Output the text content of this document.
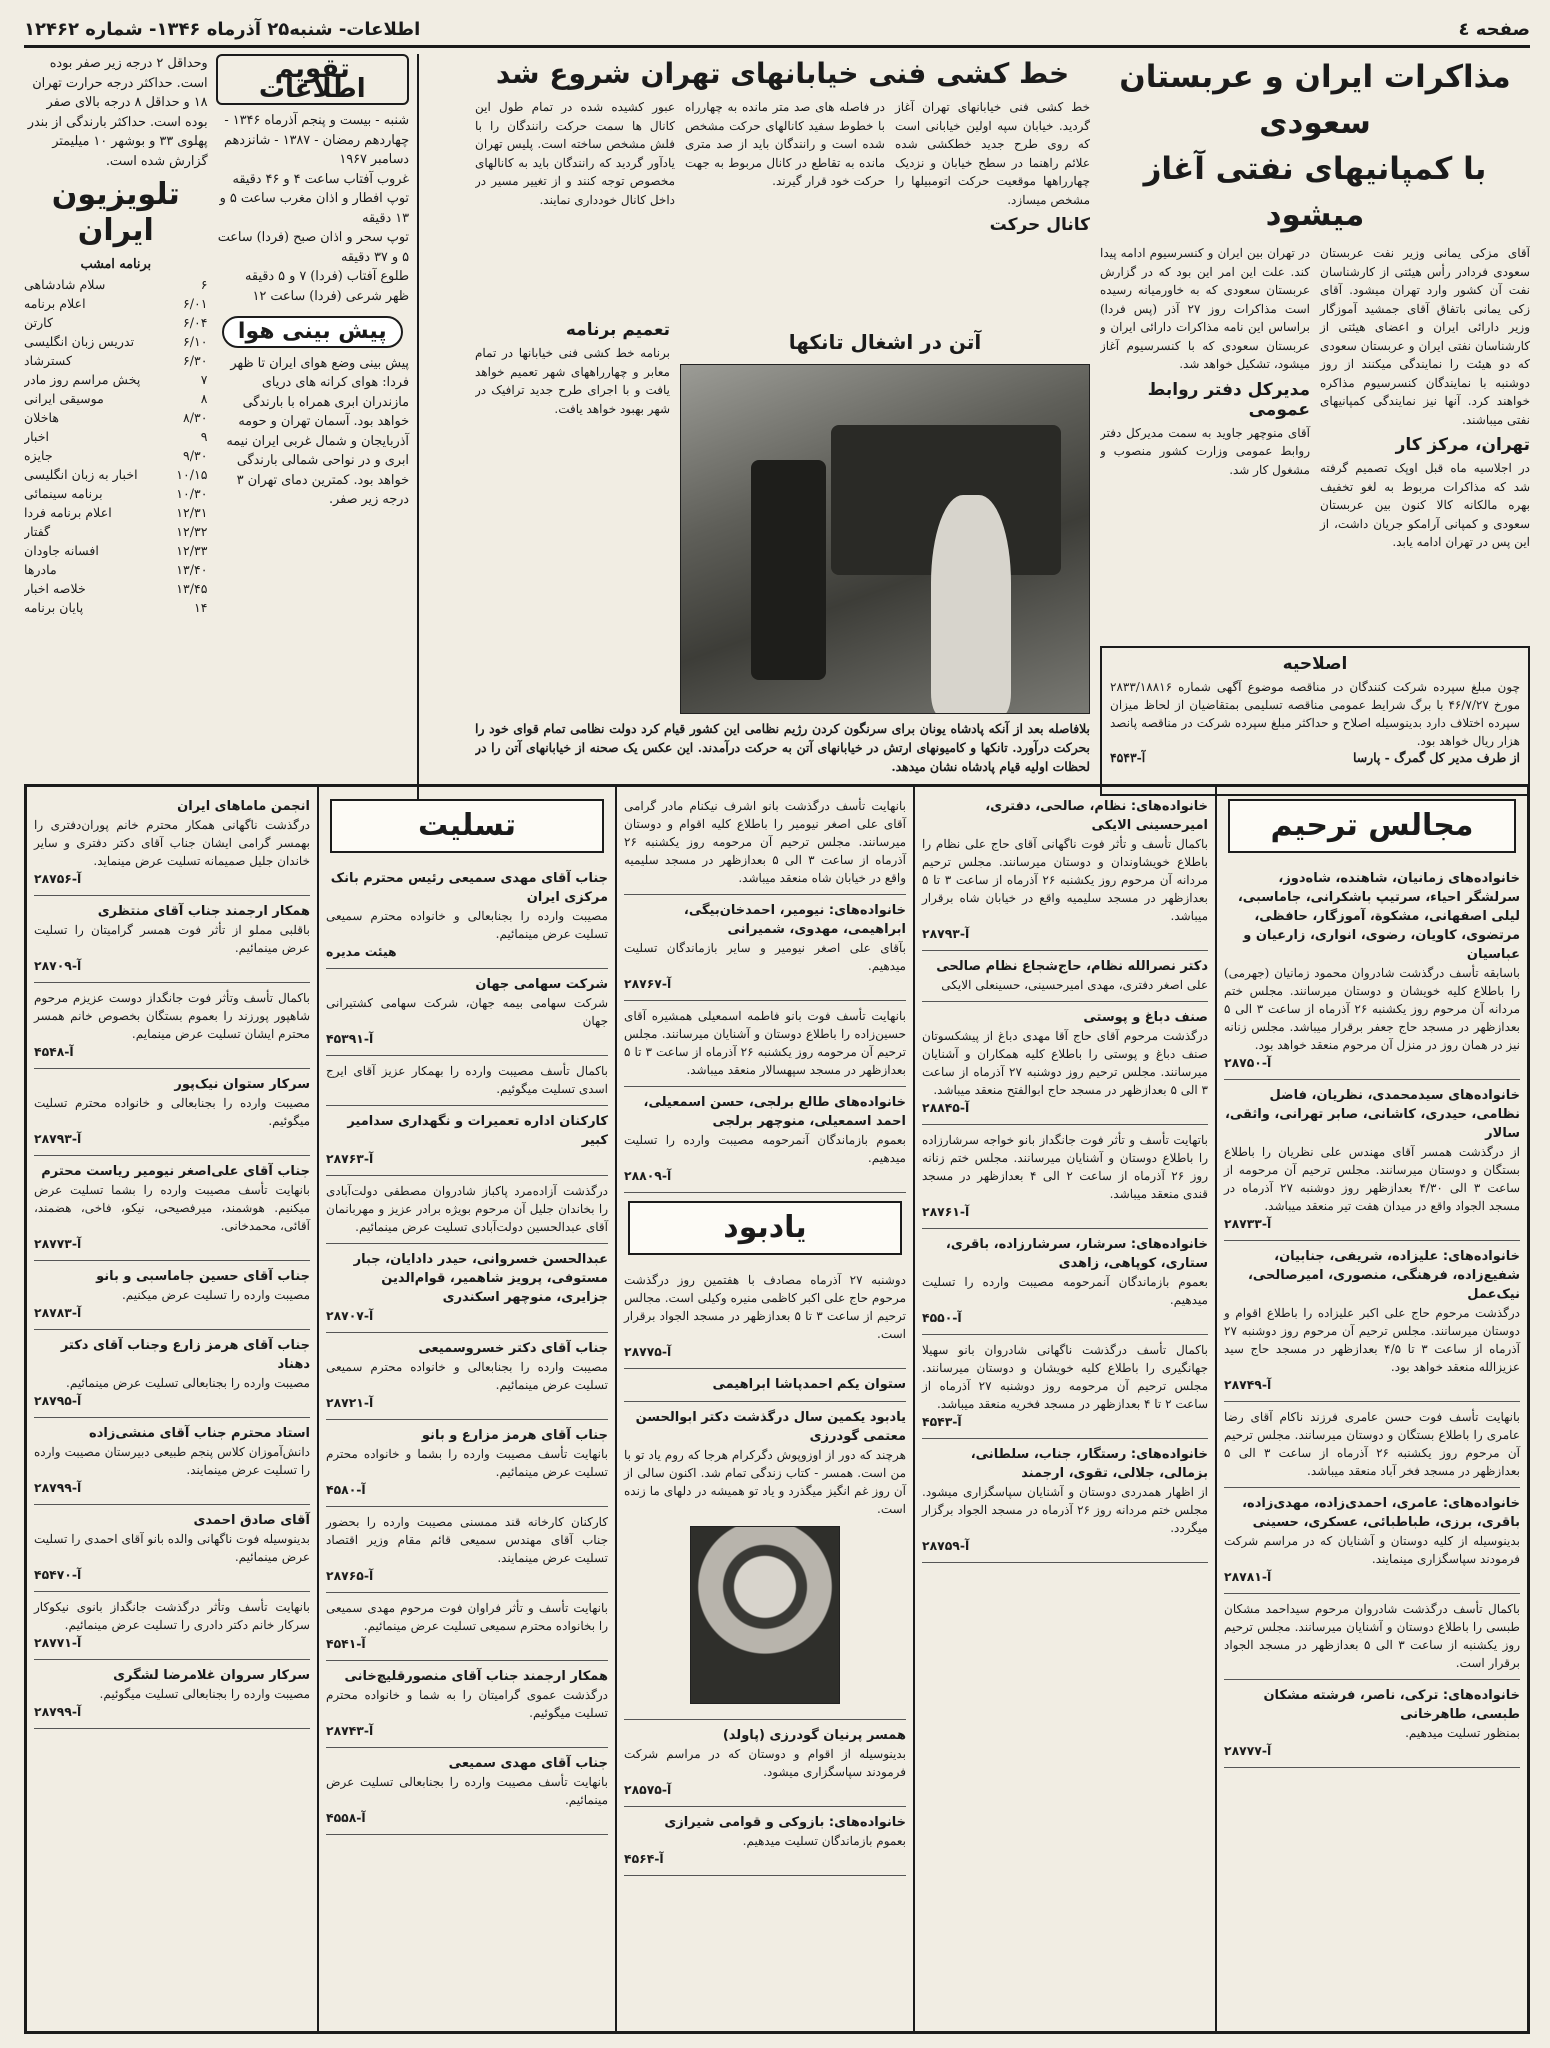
صفحه ٤
اطلاعات- شنبه۲۵ آذرماه ۱۳۴۶- شماره ۱۲۴۶۲
مذاکرات ایران و عربستان سعودی
با کمپانیهای نفتی آغاز میشود

آقای مزکی یمانی وزیر نفت عربستان سعودی فردادر رأس هیئتی از کارشناسان نفت آن کشور وارد تهران میشود. آقای زکی یمانی باتفاق آقای جمشید آموزگار وزیر دارائی ایران و اعضای هیئتی از کارشناسان نفتی ایران و عربستان سعودی که دو هیئت را نمایندگی میکنند از روز دوشنبه با نمایندگان کنسرسیوم مذاکره خواهند کرد. آنها نیز نمایندگی کمپانیهای نفتی میباشند.

تهران، مرکز کار

در اجلاسیه ماه قبل اوپک تصمیم گرفته شد که مذاکرات مربوط به لغو تخفیف بهره مالکانه کالا کنون بین عربستان سعودی و کمپانی آرامکو جریان داشت، از این پس در تهران ادامه یابد.

در تهران بین ایران و کنسرسیوم ادامه پیدا کند. علت این امر این بود که در گزارش عربستان سعودی که به خاورمیانه رسیده است مذاکرات روز ۲۷ آذر (پس فردا) براساس این نامه مذاکرات دارائی ایران و عربستان سعودی که با کنسرسیوم آغاز میشود، تشکیل خواهد شد.

مدیرکل دفتر روابط عمومی

آقای منوچهر جاوید به سمت مدیرکل دفتر روابط عمومی وزارت کشور منصوب و مشغول کار شد.

خط کشی فنی خیابانهای تهران شروع شد

خط کشی فنی خیابانهای تهران آغاز گردید. خیابان سپه اولین خیابانی است که روی طرح جدید خطکشی شده علائم راهنما در سطح خیابان و نزدیک چهارراهها موقعیت حرکت اتومبیلها را مشخص میسازد.

کانال حرکت

در فاصله های صد متر مانده به چهارراه با خطوط سفید کانالهای حرکت مشخص شده است و رانندگان باید از صد متری مانده به تقاطع در کانال مربوط به جهت حرکت خود قرار گیرند.

عبور کشیده شده در تمام طول این کانال ها سمت حرکت رانندگان را با فلش مشخص ساخته است. پلیس تهران یادآور گردید که رانندگان باید به کانالهای مخصوص توجه کنند و از تغییر مسیر در داخل کانال خودداری نمایند.

تعمیم برنامه

برنامه خط کشی فنی خیابانها در تمام معابر و چهارراههای شهر تعمیم خواهد یافت و با اجرای طرح جدید ترافیک در شهر بهبود خواهد یافت.

آتن در اشغال تانکها
بلافاصله بعد از آنکه پادشاه یونان برای سرنگون کردن رژیم نظامی این کشور قیام کرد دولت نظامی تمام قوای خود را بحرکت درآورد. تانکها و کامیونهای ارتش در خیابانهای آتن به حرکت درآمدند. این عکس یک صحنه از خیابانهای آتن را در لحظات اولیه قیام پادشاه نشان میدهد.
اصلاحیه

چون مبلغ سپرده شرکت کنندگان در مناقصه موضوع آگهی شماره ۲۸۳۳/۱۸۸۱۶ مورخ ۴۶/۷/۲۷ با برگ شرایط عمومی مناقصه تسلیمی بمتقاضیان از لحاظ میزان سپرده اختلاف دارد بدینوسیله اصلاح و حداکثر مبلغ سپرده شرکت در مناقصه پانصد هزار ریال خواهد بود.

از طرف مدیر کل گمرگ - پارسا
آ-۴۵۴۳
تقویم اطلاعات

شنبه - بیست و پنجم آذرماه ۱۳۴۶ - چهاردهم رمضان - ۱۳۸۷ - شانزدهم دسامبر ۱۹۶۷

غروب آفتاب ساعت ۴ و ۴۶ دقیقه

توپ افطار و اذان مغرب ساعت ۵ و ۱۳ دقیقه

توپ سحر و اذان صبح (فردا) ساعت ۵ و ۳۷ دقیقه

طلوع آفتاب (فردا) ۷ و ۵ دقیقه

ظهر شرعی (فردا) ساعت ۱۲

پیش بینی هوا

پیش بینی وضع هوای ایران تا ظهر فردا: هوای کرانه های دریای مازندران ابری همراه با بارندگی خواهد بود. آسمان تهران و حومه آذربایجان و شمال غربی ایران نیمه ابری و در نواحی شمالی بارندگی خواهد بود. کمترین دمای تهران ۳ درجه زیر صفر.

وحداقل ۲ درجه زیر صفر بوده است. حداکثر درجه حرارت تهران ۱۸ و حداقل ۸ درجه بالای صفر بوده است. حداکثر بارندگی از بندر پهلوی ۳۳ و بوشهر ۱۰ میلیمتر گزارش شده است.

تلویزیون ایران
برنامه امشب
۶
سلام شادشاهی
۶/۰۱
اعلام برنامه
۶/۰۴
کارتن
۶/۱۰
تدریس زبان انگلیسی
۶/۳۰
کسترشاد
۷
پخش مراسم روز مادر
۸
موسیقی ایرانی
۸/۳۰
هاخلان
۹
اخبار
۹/۳۰
جایزه
۱۰/۱۵
اخبار به زبان انگلیسی
۱۰/۳۰
برنامه سینمائی
۱۲/۳۱
اعلام برنامه فردا
۱۲/۳۲
گفتار
۱۲/۳۳
افسانه جاودان
۱۳/۴۰
مادرها
۱۳/۴۵
خلاصه اخبار
۱۴
پایان برنامه
مجالس ترحیم
خانواده‌های زمانیان، شاهنده، شاه‌دوز، سرلشگر احیاء، سرتیپ باشکرانی، جاماسبی، لیلی اصفهانی، مشکوة، آموزگار، حافظی، مرتضوی، کاویان، رضوی، انواری، زارعیان و عباسیان

باسابقه تأسف درگذشت شادروان محمود زمانیان (جهرمی) را باطلاع کلیه خویشان و دوستان میرسانند. مجلس ختم مردانه آن مرحوم روز یکشنبه ۲۶ آذرماه از ساعت ۳ الی ۵ بعدازظهر در مسجد حاج جعفر برقرار میباشد. مجلس زنانه نیز در همان روز در منزل آن مرحوم منعقد خواهد بود.

آ-۲۸۷۵۰
خانواده‌های سیدمحمدی، نظریان، فاضل نظامی، حیدری، کاشانی، صابر تهرانی، واثقی، سالار

از درگذشت همسر آقای مهندس علی نظریان را باطلاع بستگان و دوستان میرسانند. مجلس ترحیم آن مرحومه از ساعت ۳ الی ۴/۳۰ بعدازظهر روز دوشنبه ۲۷ آذرماه در مسجد الجواد واقع در میدان هفت تیر منعقد میباشد.

آ-۲۸۷۳۳
خانواده‌های: علیزاده، شریفی، جنابیان، شفیع‌زاده، فرهنگی، منصوری، امیرصالحی، نیک‌عمل

درگذشت مرحوم حاج علی اکبر علیزاده را باطلاع اقوام و دوستان میرسانند. مجلس ترحیم آن مرحوم روز دوشنبه ۲۷ آذرماه از ساعت ۳ تا ۴/۵ بعدازظهر در مسجد حاج سید عزیزالله منعقد خواهد بود.

آ-۲۸۷۴۹

بانهایت تأسف فوت حسن عامری فرزند ناکام آقای رضا عامری را باطلاع بستگان و دوستان میرسانند. مجلس ترحیم آن مرحوم روز یکشنبه ۲۶ آذرماه از ساعت ۳ الی ۵ بعدازظهر در مسجد فخر آباد منعقد میباشد.

خانواده‌های: عامری، احمدی‌زاده، مهدی‌زاده، باقری، برزی، طباطبائی، عسکری، حسینی

بدینوسیله از کلیه دوستان و آشنایان که در مراسم شرکت فرمودند سپاسگزاری مینمایند.

آ-۲۸۷۸۱

باکمال تأسف درگذشت شادروان مرحوم سیداحمد مشکان طبسی را باطلاع دوستان و آشنایان میرسانند. مجلس ترحیم روز یکشنبه از ساعت ۳ الی ۵ بعدازظهر در مسجد الجواد برقرار است.

خانواده‌های: ترکی، ناصر، فرشته مشکان طبسی، طاهرخانی

بمنظور تسلیت میدهیم.

آ-۲۸۷۷۷
خانواده‌های: نظام، صالحی، دفتری، امیرحسینی الایکی

باکمال تأسف و تأثر فوت ناگهانی آقای حاج علی نظام را باطلاع خویشاوندان و دوستان میرسانند. مجلس ترحیم مردانه آن مرحوم روز یکشنبه ۲۶ آذرماه از ساعت ۳ تا ۵ بعدازظهر در مسجد سلیمیه واقع در خیابان شاه برقرار میباشد.

آ-۲۸۷۹۳
دکتر نصرالله نظام، حاج‌شجاع نظام صالحی

علی اصغر دفتری، مهدی امیرحسینی، حسینعلی الایکی

صنف دباغ و پوستی

درگذشت مرحوم آقای حاج آقا مهدی دباغ از پیشکسوتان صنف دباغ و پوستی را باطلاع کلیه همکاران و آشنایان میرسانند. مجلس ترحیم روز دوشنبه ۲۷ آذرماه از ساعت ۳ الی ۵ بعدازظهر در مسجد حاج ابوالفتح منعقد میباشد.

آ-۲۸۸۴۵

باتهایت تأسف و تأثر فوت جانگداز بانو خواجه سرشارزاده را باطلاع دوستان و آشنایان میرسانند. مجلس ختم زنانه روز ۲۶ آذرماه از ساعت ۲ الی ۴ بعدازظهر در مسجد قندی منعقد میباشد.

آ-۲۸۷۶۱
خانواده‌های: سرشار، سرشارزاده، باقری، ستاری، کوپاهی، زاهدی

بعموم بازماندگان آنمرحومه مصیبت وارده را تسلیت میدهیم.

آ-۴۵۵۰

باکمال تأسف درگذشت ناگهانی شادروان بانو سهیلا جهانگیری را باطلاع کلیه خویشان و دوستان میرسانند. مجلس ترحیم آن مرحومه روز دوشنبه ۲۷ آذرماه از ساعت ۲ تا ۴ بعدازظهر در مسجد فخریه منعقد میباشد.

آ-۴۵۴۳
خانواده‌های: رستگار، جناب، سلطانی، بزمالی، جلالی، تقوی، ارجمند

از اظهار همدردی دوستان و آشنایان سپاسگزاری میشود. مجلس ختم مردانه روز ۲۶ آذرماه در مسجد الجواد برگزار میگردد.

آ-۲۸۷۵۹

بانهایت تأسف درگذشت بانو اشرف نیکنام مادر گرامی آقای علی اصغر نیومیر را باطلاع کلیه اقوام و دوستان میرسانند. مجلس ترحیم آن مرحومه روز یکشنبه ۲۶ آذرماه از ساعت ۳ الی ۵ بعدازظهر در مسجد سلیمیه واقع در خیابان شاه منعقد میباشد.

خانواده‌های: نیومیر، احمدخان‌بیگی، ابراهیمی، مهدوی، شمیرانی

بآقای علی اصغر نیومیر و سایر بازماندگان تسلیت میدهیم.

آ-۲۸۷۶۷

بانهایت تأسف فوت بانو فاطمه اسمعیلی همشیره آقای حسین‌زاده را باطلاع دوستان و آشنایان میرسانند. مجلس ترحیم آن مرحومه روز یکشنبه ۲۶ آذرماه از ساعت ۳ تا ۵ بعدازظهر در مسجد سپهسالار منعقد میباشد.

خانواده‌های طالع برلجی، حسن اسمعیلی، احمد اسمعیلی، منوچهر برلجی

بعموم بازماندگان آنمرحومه مصیبت وارده را تسلیت میدهیم.

آ-۲۸۸۰۹
یادبود

دوشنبه ۲۷ آذرماه مصادف با هفتمین روز درگذشت مرحوم حاج علی اکبر کاظمی منیره وکیلی است. مجالس ترحیم از ساعت ۳ تا ۵ بعدازظهر در مسجد الجواد برقرار است.

آ-۲۸۷۷۵
ستوان یکم احمدپاشا ابراهیمی
یادبود یکمین سال درگذشت دکتر ابوالحسن معتمی گودرزی

هرچند که دور از اوزوپوش دگرکرام هرجا که روم یاد تو با من است. همسر - کتاب زندگی تمام شد. اکنون سالی از آن روز غم انگیز میگذرد و یاد تو همیشه در دلهای ما زنده است.

همسر پرنیان گودرزی (پاولد)

بدینوسیله از اقوام و دوستان که در مراسم شرکت فرمودند سپاسگزاری میشود.

آ-۲۸۵۷۵
خانواده‌های: بازوکی و قوامی شیرازی

بعموم بازماندگان تسلیت میدهیم.

آ-۴۵۶۴
تسلیت
جناب آقای مهدی سمیعی رئیس محترم بانک مرکزی ایران

مصیبت وارده را بجنابعالی و خانواده محترم سمیعی تسلیت عرض مینمائیم.

هیئت مدیره
شرکت سهامی جهان

شرکت سهامی بیمه جهان، شرکت سهامی کشتیرانی جهان

آ-۴۵۳۹۱

باکمال تأسف مصیبت وارده را بهمکار عزیز آقای ایرج اسدی تسلیت میگوئیم.

کارکنان اداره تعمیرات و نگهداری سدامیر کبیر
آ-۲۸۷۶۳

درگذشت آزاده‌مرد پاکباز شادروان مصطفی دولت‌آبادی را بخاندان جلیل آن مرحوم بویژه برادر عزیز و مهربانمان آقای عبدالحسین دولت‌آبادی تسلیت عرض مینمائیم.

عبدالحسن خسروانی، حیدر دادایان، جبار مستوفی، پرویز شاهمیر، قوام‌الدین جزایری، منوچهر اسکندری
آ-۲۸۷۰۷
جناب آقای دکتر خسروسمیعی

مصیبت وارده را بجنابعالی و خانواده محترم سمیعی تسلیت عرض مینمائیم.

آ-۲۸۷۲۱
جناب آقای هرمز مزارع و بانو

بانهایت تأسف مصیبت وارده را بشما و خانواده محترم تسلیت عرض مینمائیم.

آ-۴۵۸۰

کارکنان کارخانه قند ممسنی مصیبت وارده را بحضور جناب آقای مهندس سمیعی قائم مقام وزیر اقتصاد تسلیت عرض مینمایند.

آ-۲۸۷۶۵

بانهایت تأسف و تأثر فراوان فوت مرحوم مهدی سمیعی را بخانواده محترم سمیعی تسلیت عرض مینمائیم.

آ-۴۵۴۱
همکار ارجمند جناب آقای منصورقلیچ‌خانی

درگذشت عموی گرامیتان را به شما و خانواده محترم تسلیت میگوئیم.

آ-۲۸۷۴۳
جناب آقای مهدی سمیعی

بانهایت تأسف مصیبت وارده را بجنابعالی تسلیت عرض مینمائیم.

آ-۴۵۵۸
انجمن ماماهای ایران

درگذشت ناگهانی همکار محترم خانم پوران‌دفتری را بهمسر گرامی ایشان جناب آقای دکتر دفتری و سایر خاندان جلیل صمیمانه تسلیت عرض مینماید.

آ-۲۸۷۵۶
همکار ارجمند جناب آقای منتظری

باقلبی مملو از تأثر فوت همسر گرامیتان را تسلیت عرض مینمائیم.

آ-۲۸۷۰۹

باکمال تأسف وتأثر فوت جانگداز دوست عزیزم مرحوم شاهپور پورزند را بعموم بستگان بخصوص خانم همسر محترم ایشان تسلیت عرض مینمایم.

آ-۴۵۴۸
سرکار ستوان نیک‌پور

مصیبت وارده را بجنابعالی و خانواده محترم تسلیت میگوئیم.

آ-۲۸۷۹۳
جناب آقای علی‌اصغر نیومیر ریاست محترم

بانهایت تأسف مصیبت وارده را بشما تسلیت عرض میکنیم. هوشمند، میرفصیحی، نیکو، فاخی، هضمند، آقائی، محمدخانی.

آ-۲۸۷۷۳
جناب آقای حسین جاماسبی و بانو

مصیبت وارده را تسلیت عرض میکنیم.

آ-۲۸۷۸۳
جناب آقای هرمز زارع وجناب آقای دکتر دهناد

مصیبت وارده را بجنابعالی تسلیت عرض مینمائیم.

آ-۲۸۷۹۵
استاد محترم جناب آقای منشی‌زاده

دانش‌آموزان کلاس پنجم طبیعی دبیرستان مصیبت وارده را تسلیت عرض مینمایند.

آ-۲۸۷۹۹
آقای صادق احمدی

بدینوسیله فوت ناگهانی والده بانو آقای احمدی را تسلیت عرض مینمائیم.

آ-۴۵۴۷۰

بانهایت تأسف وتأثر درگذشت جانگداز بانوی نیکوکار سرکار خانم دکتر دادری را تسلیت عرض مینمائیم.

آ-۲۸۷۷۱
سرکار سروان غلامرضا لشگری

مصیبت وارده را بجنابعالی تسلیت میگوئیم.

آ-۲۸۷۹۹
